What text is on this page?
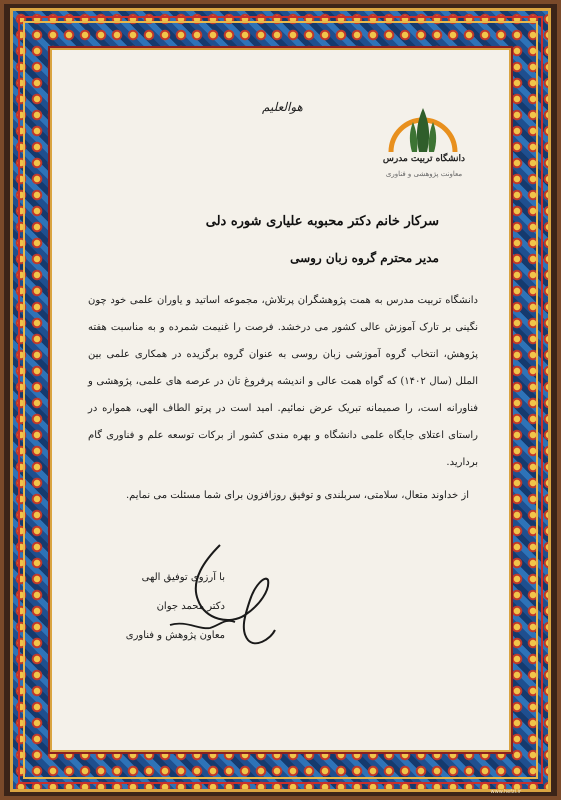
هوالعلیم
دانشگاه تربیت مدرس
معاونت پژوهشی و فناوری
سرکار خانم دکتر محبوبه علیاری شوره دلی
مدیر محترم گروه زبان روسی
دانشگاه تربیت مدرس به همت پژوهشگران پرتلاش، مجموعه اساتید و یاوران علمی خود چون نگینی بر تارک آموزش عالی کشور می درخشد. فرصت را غنیمت شمرده و به مناسبت هفته پژوهش، انتخاب گروه آموزشی زبان روسی به عنوان گروه برگزیده در همکاری علمی بین الملل (سال ۱۴۰۲) که گواه همت عالی و اندیشه پرفروغ تان در عرصه های علمی، پژوهشی و فناورانه است، را صمیمانه تبریک عرض نمائیم. امید است در پرتو الطاف الهی، همواره در راستای اعتلای جایگاه علمی دانشگاه و بهره مندی کشور از برکات توسعه علم و فناوری گام بردارید.
از خداوند متعال، سلامتی، سربلندی و توفیق روزافزون برای شما مسئلت می نمایم.
با آرزوی توفیق الهی
دکتر محمد جوان
معاون پژوهش و فناوری
www.hefzi.ir
